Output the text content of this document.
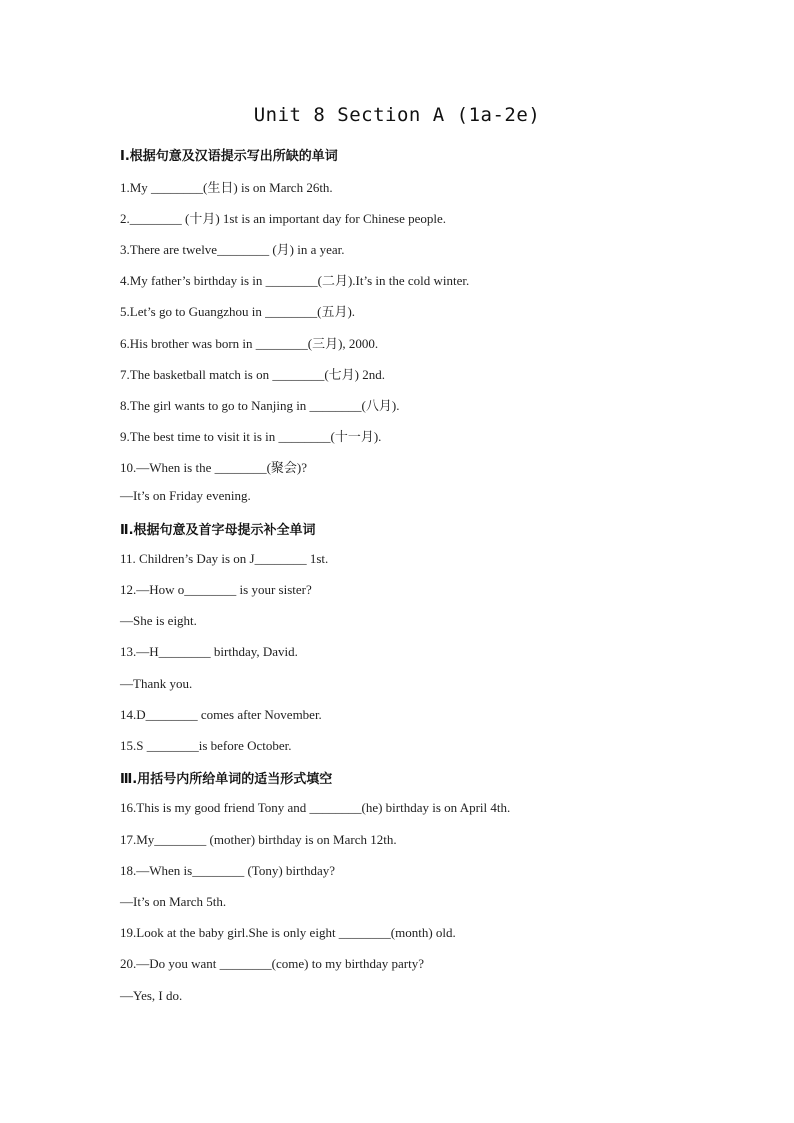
Unit 8 Section A (1a-2e)
Ⅰ.根据句意及汉语提示写出所缺的单词
1.My ________(生日) is on March 26th.
2.________ (十月) 1st is an important day for Chinese people.
3.There are twelve________ (月) in a year.
4.My father’s birthday is in ________(二月).It’s in the cold winter.
5.Let’s go to Guangzhou in ________(五月).
6.His brother was born in ________(三月), 2000.
7.The basketball match is on ________(七月) 2nd.
8.The girl wants to go to Nanjing in ________(八月).
9.The best time to visit it is in ________(十一月).
10.—When is the ________(聚会)?
—It’s on Friday evening.
Ⅱ.根据句意及首字母提示补全单词
11. Children’s Day is on J________ 1st.
12.—How o________ is your sister?
—She is eight.
13.—H________ birthday, David.
—Thank you.
14.D________ comes after November.
15.S ________is before October.
Ⅲ.用括号内所给单词的适当形式填空
16.This is my good friend Tony and ________(he) birthday is on April 4th.
17.My________ (mother) birthday is on March 12th.
18.—When is________ (Tony) birthday?
—It’s on March 5th.
19.Look at the baby girl.She is only eight ________(month) old.
20.—Do you want ________(come) to my birthday party?
—Yes, I do.
